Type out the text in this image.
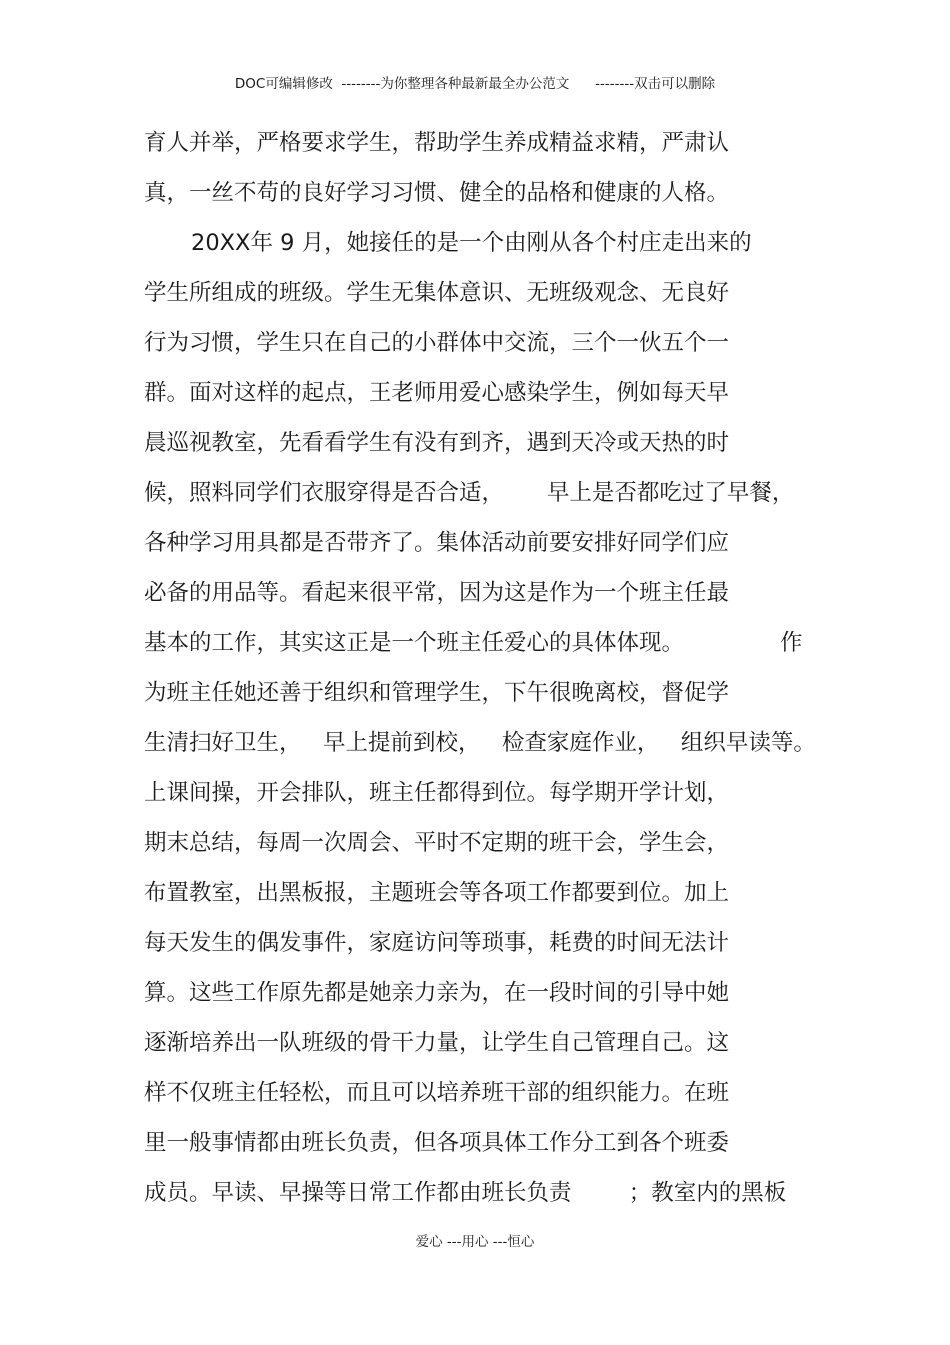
DOC可编辑修改  --------为你整理各种最新最全办公范文      --------双击可以删除
育人并举，严格要求学生，帮助学生养成精益求精，严肃认
真，一丝不苟的良好学习习惯、健全的品格和健康的人格。
20XX年 9 月，她接任的是一个由刚从各个村庄走出来的
学生所组成的班级。学生无集体意识、无班级观念、无良好
行为习惯，学生只在自己的小群体中交流，三个一伙五个一
群。面对这样的起点，王老师用爱心感染学生，例如每天早
晨巡视教室，先看看学生有没有到齐，遇到天冷或天热的时
候，照料同学们衣服穿得是否合适，      早上是否都吃过了早餐，
各种学习用具都是否带齐了。集体活动前要安排好同学们应
必备的用品等。看起来很平常，因为这是作为一个班主任最
基本的工作，其实这正是一个班主任爱心的具体体现。	作
为班主任她还善于组织和管理学生，下午很晚离校，督促学
生清扫好卫生，   早上提前到校，   检查家庭作业，   组织早读等。
上课间操，开会排队，班主任都得到位。每学期开学计划，
期末总结，每周一次周会、平时不定期的班干会，学生会，
布置教室，出黑板报，主题班会等各项工作都要到位。加上
每天发生的偶发事件，家庭访问等琐事，耗费的时间无法计
算。这些工作原先都是她亲力亲为，在一段时间的引导中她
逐渐培养出一队班级的骨干力量，让学生自己管理自己。这
样不仅班主任轻松，而且可以培养班干部的组织能力。在班
里一般事情都由班长负责，但各项具体工作分工到各个班委
成员。早读、早操等日常工作都由班长负责        ；教室内的黑板
爱心 ---用心 ---恒心
